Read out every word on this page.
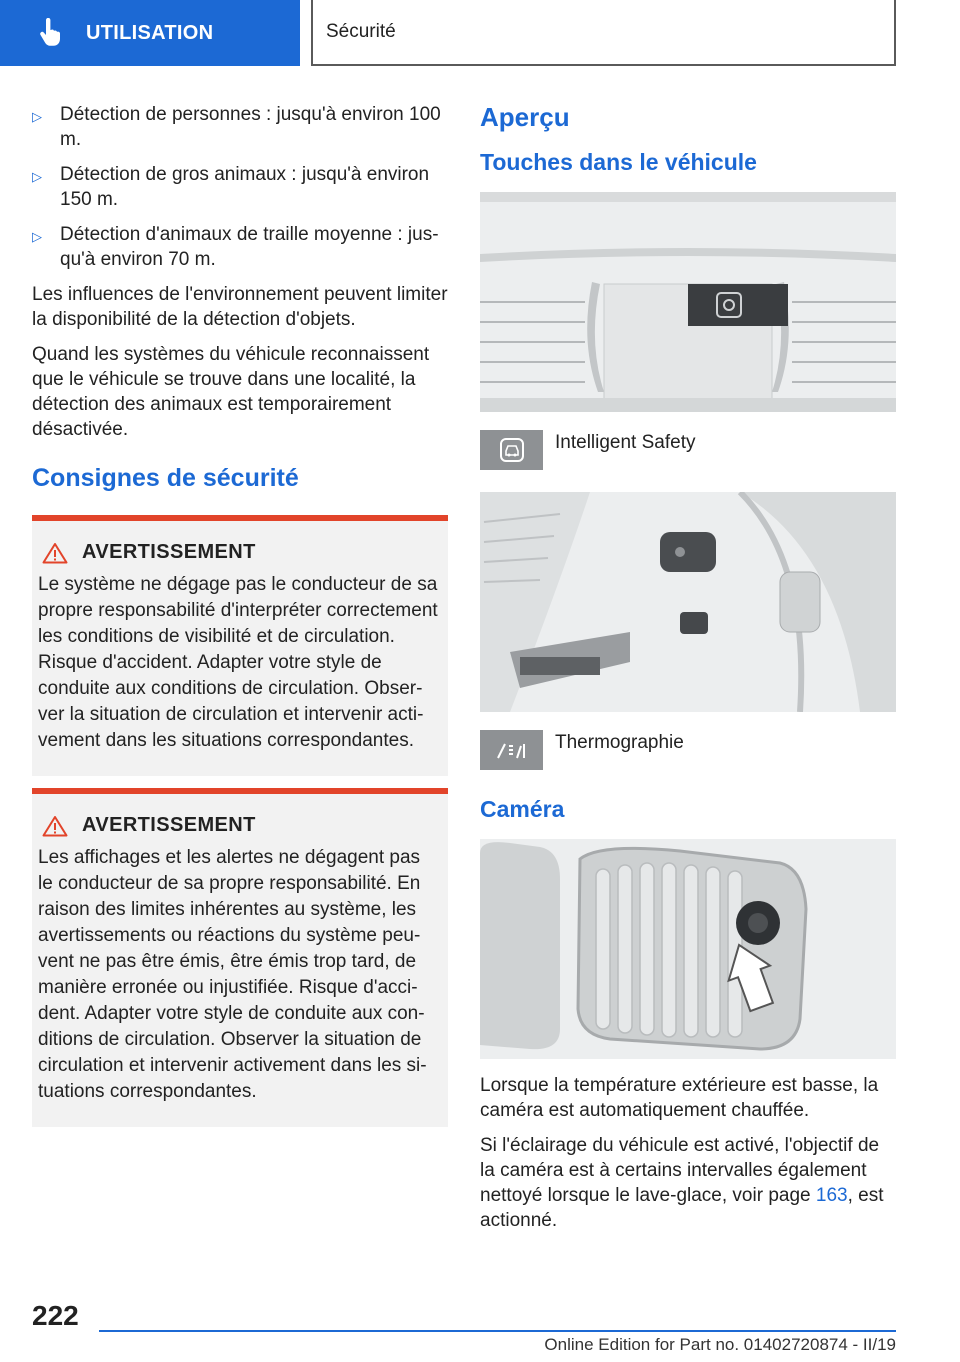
UTILISATION	Sécurité
▷ Détection de personnes : jusqu'à environ 100 m.
▷ Détection de gros animaux : jusqu'à environ 150 m.
▷ Détection d'animaux de traille moyenne : jusqu'à environ 70 m.

Les influences de l'environnement peuvent limiter la disponibilité de la détection d'objets.

Quand les systèmes du véhicule reconnaissent que le véhicule se trouve dans une localité, la détection des animaux est temporairement désactivée.

Consignes de sécurité
AVERTISSEMENT

Le système ne dégage pas le conducteur de sa propre responsabilité d'interpréter correctement les conditions de visibilité et de circulation. Risque d'accident. Adapter votre style de conduite aux conditions de circulation. Observer la situation de circulation et intervenir activement dans les situations correspondantes.

AVERTISSEMENT

Les affichages et les alertes ne dégagent pas le conducteur de sa propre responsabilité. En raison des limites inhérentes au système, les avertissements ou réactions du système peuvent ne pas être émis, être émis trop tard, de manière erronée ou injustifiée. Risque d'accident. Adapter votre style de conduite aux conditions de circulation. Observer la situation de circulation et intervenir activement dans les situations correspondantes.

Aperçu
Touches dans le véhicule
Intelligent Safety
Thermographie
Caméra

Lorsque la température extérieure est basse, la caméra est automatiquement chauffée.

Si l'éclairage du véhicule est activé, l'objectif de la caméra est à certains intervalles également nettoyé lorsque le lave-glace, voir page 163, est actionné.

222
Online Edition for Part no. 01402720874 - II/19
